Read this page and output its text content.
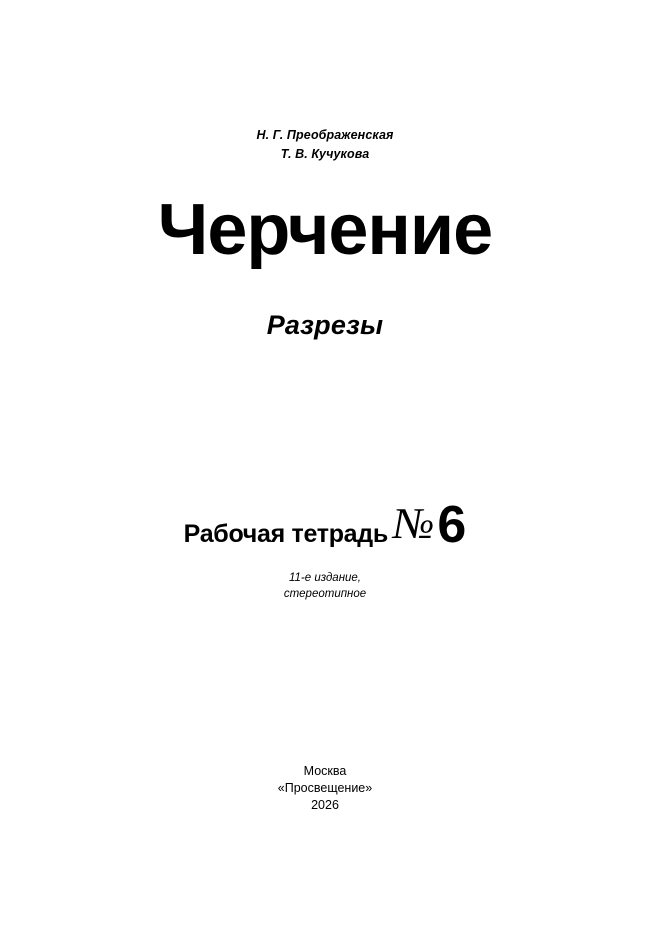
Н. Г. Преображенская
Т. В. Кучукова
Черчение
Разрезы
Рабочая тетрадь № 6
11-е издание,
стереотипное
Москва
«Просвещение»
2026
